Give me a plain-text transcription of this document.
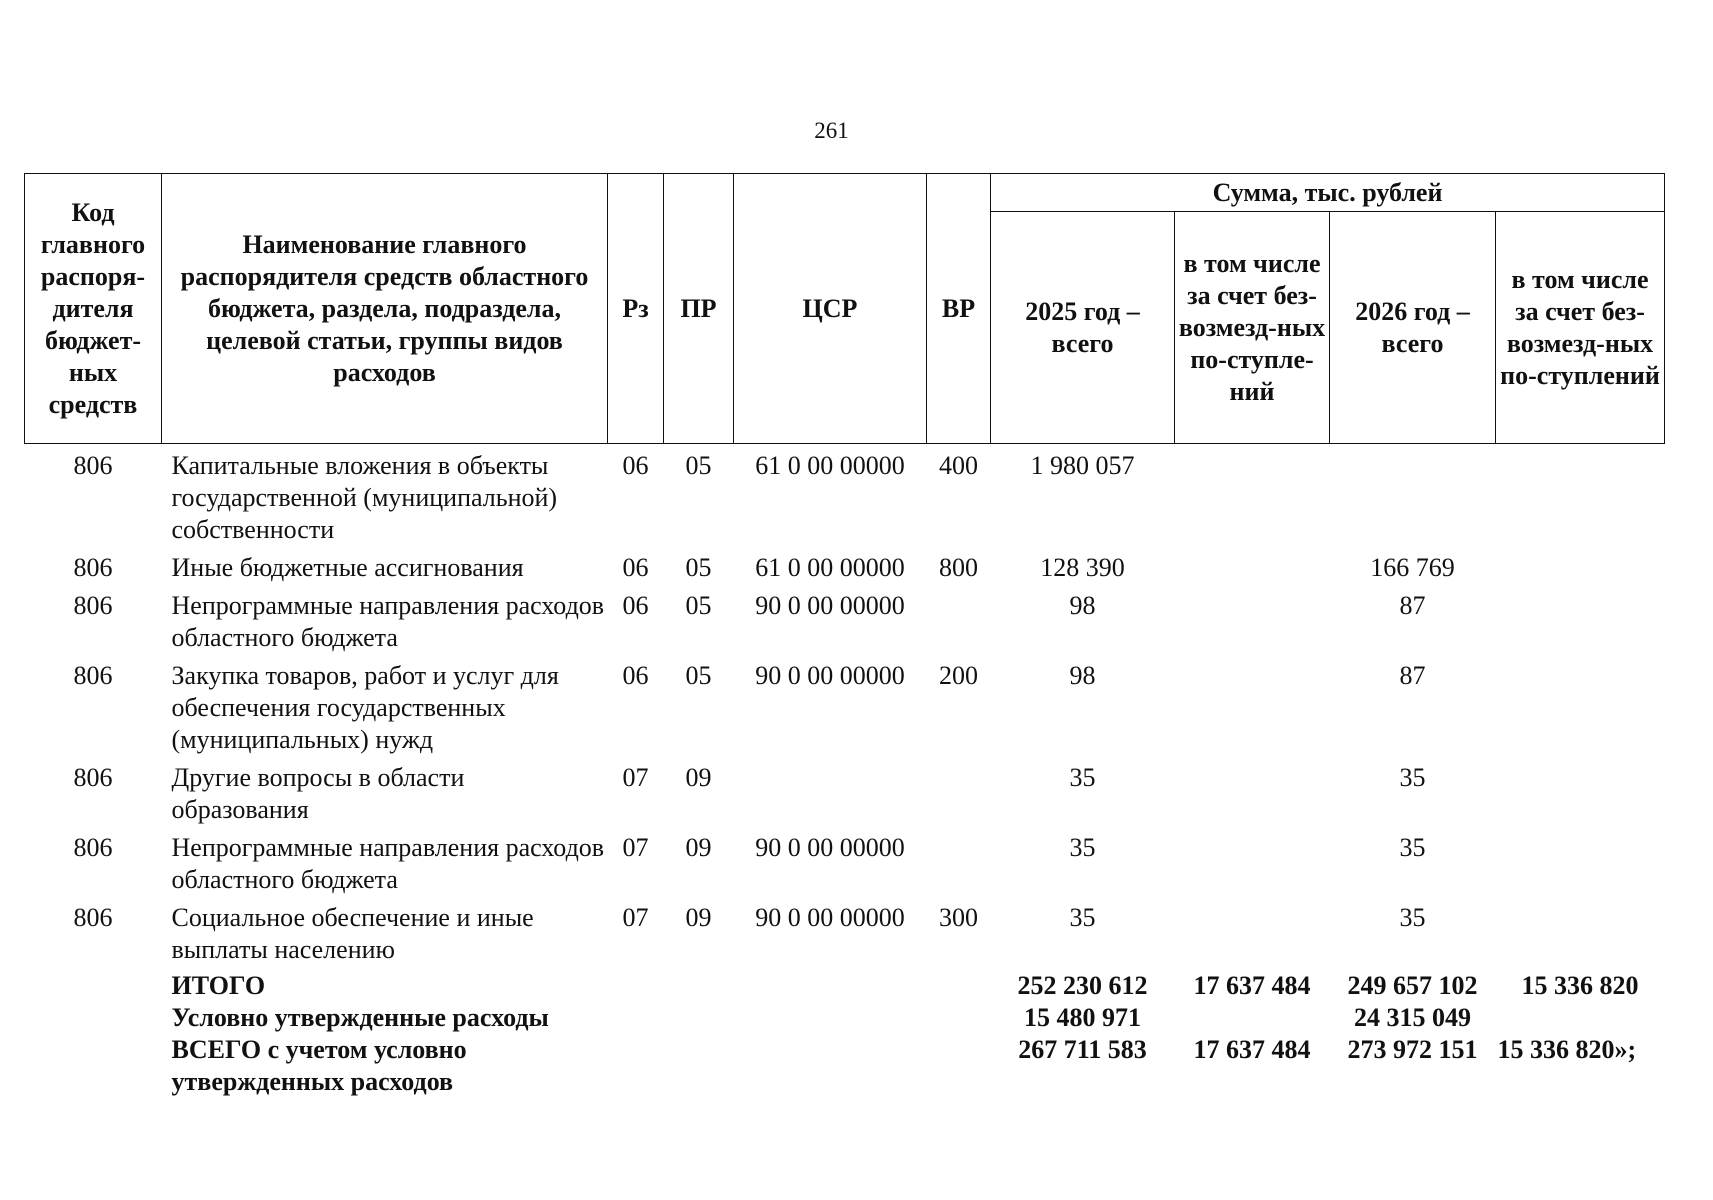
261
Код главного распоря-дителя бюджет-ных средств	Наименование главного распорядителя средств областного бюджета, раздела, подраздела, целевой статьи, группы видов расходов	Рз	ПР	ЦСР	ВР	Сумма, тыс. рублей			
						2025 год – всего	в том числе за счет без-возмезд-ных по-ступле-ний	2026 год – всего	в том числе за счет без-возмезд-ных по-ступлений
806	Капитальные вложения в объекты государственной (муниципальной) собственности	06	05	61 0 00 00000	400	1 980 057			
806	Иные бюджетные ассигнования	06	05	61 0 00 00000	800	128 390		166 769	
806	Непрограммные направления расходов областного бюджета	06	05	90 0 00 00000		98		87	
806	Закупка товаров, работ и услуг для обеспечения государственных (муниципальных) нужд	06	05	90 0 00 00000	200	98		87	
806	Другие вопросы в области образования	07	09			35		35	
806	Непрограммные направления расходов областного бюджета	07	09	90 0 00 00000		35		35	
806	Социальное обеспечение и иные выплаты населению	07	09	90 0 00 00000	300	35		35	
	ИТОГО					252 230 612	17 637 484	249 657 102	15 336 820
	Условно утвержденные расходы					15 480 971		24 315 049	
	ВСЕГО с учетом условно утвержденных расходов					267 711 583	17 637 484	273 972 151	15 336 820»;
